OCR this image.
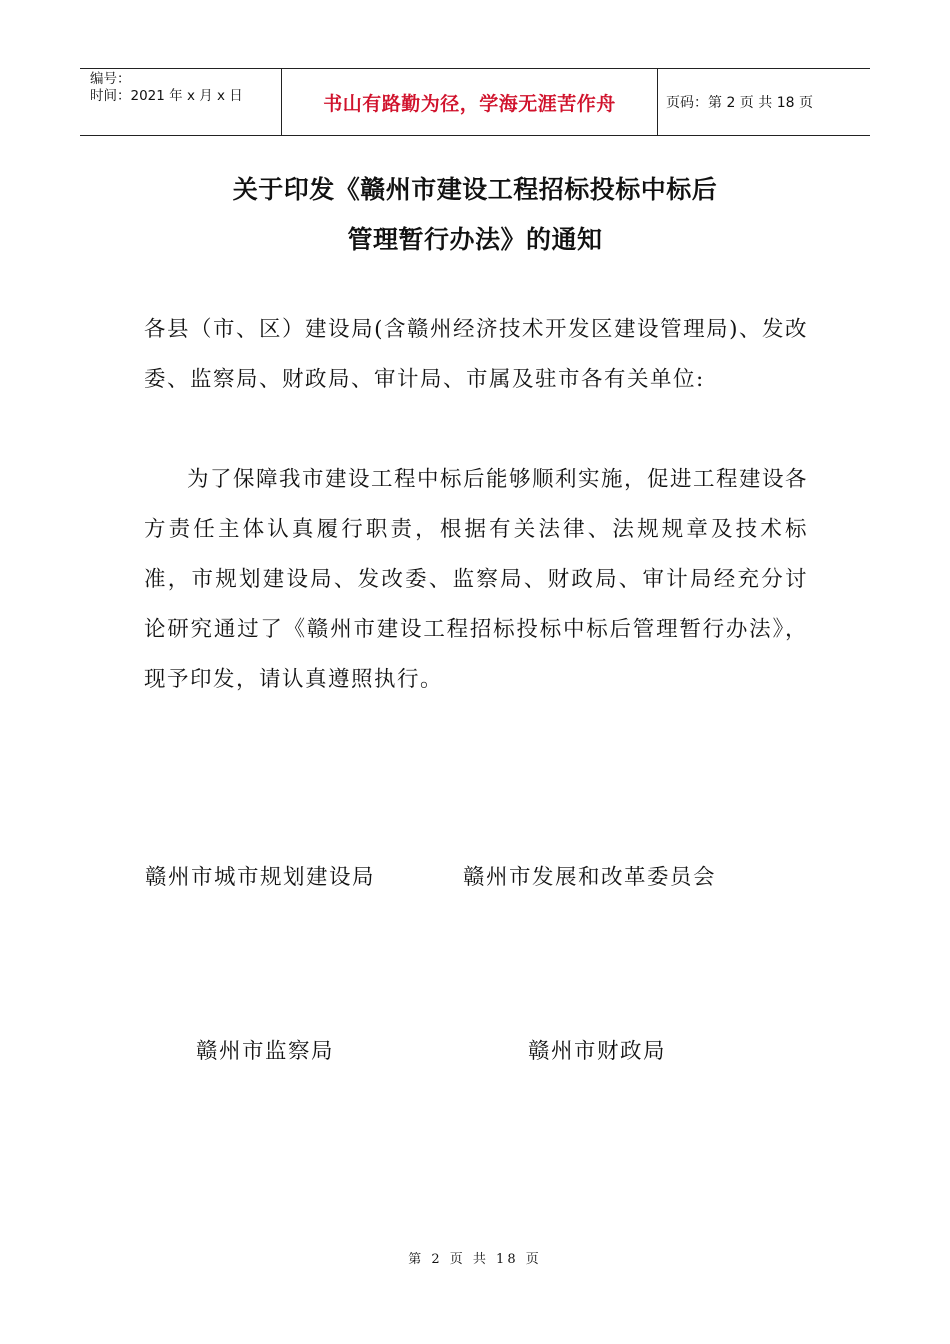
编号：
时间：2021 年 x 月 x 日	书山有路勤为径，学海无涯苦作舟	页码：第 2 页 共 18 页
关于印发《赣州市建设工程招标投标中标后
管理暂行办法》的通知
各县（市、区）建设局(含赣州经济技术开发区建设管理局)、发改委、监察局、财政局、审计局、市属及驻市各有关单位:
为了保障我市建设工程中标后能够顺利实施，促进工程建设各方责任主体认真履行职责，根据有关法律、法规规章及技术标准，市规划建设局、发改委、监察局、财政局、审计局经充分讨论研究通过了《赣州市建设工程招标投标中标后管理暂行办法》，现予印发，请认真遵照执行。
赣州市城市规划建设局	赣州市发展和改革委员会
赣州市监察局	赣州市财政局
第 2 页 共 18 页
